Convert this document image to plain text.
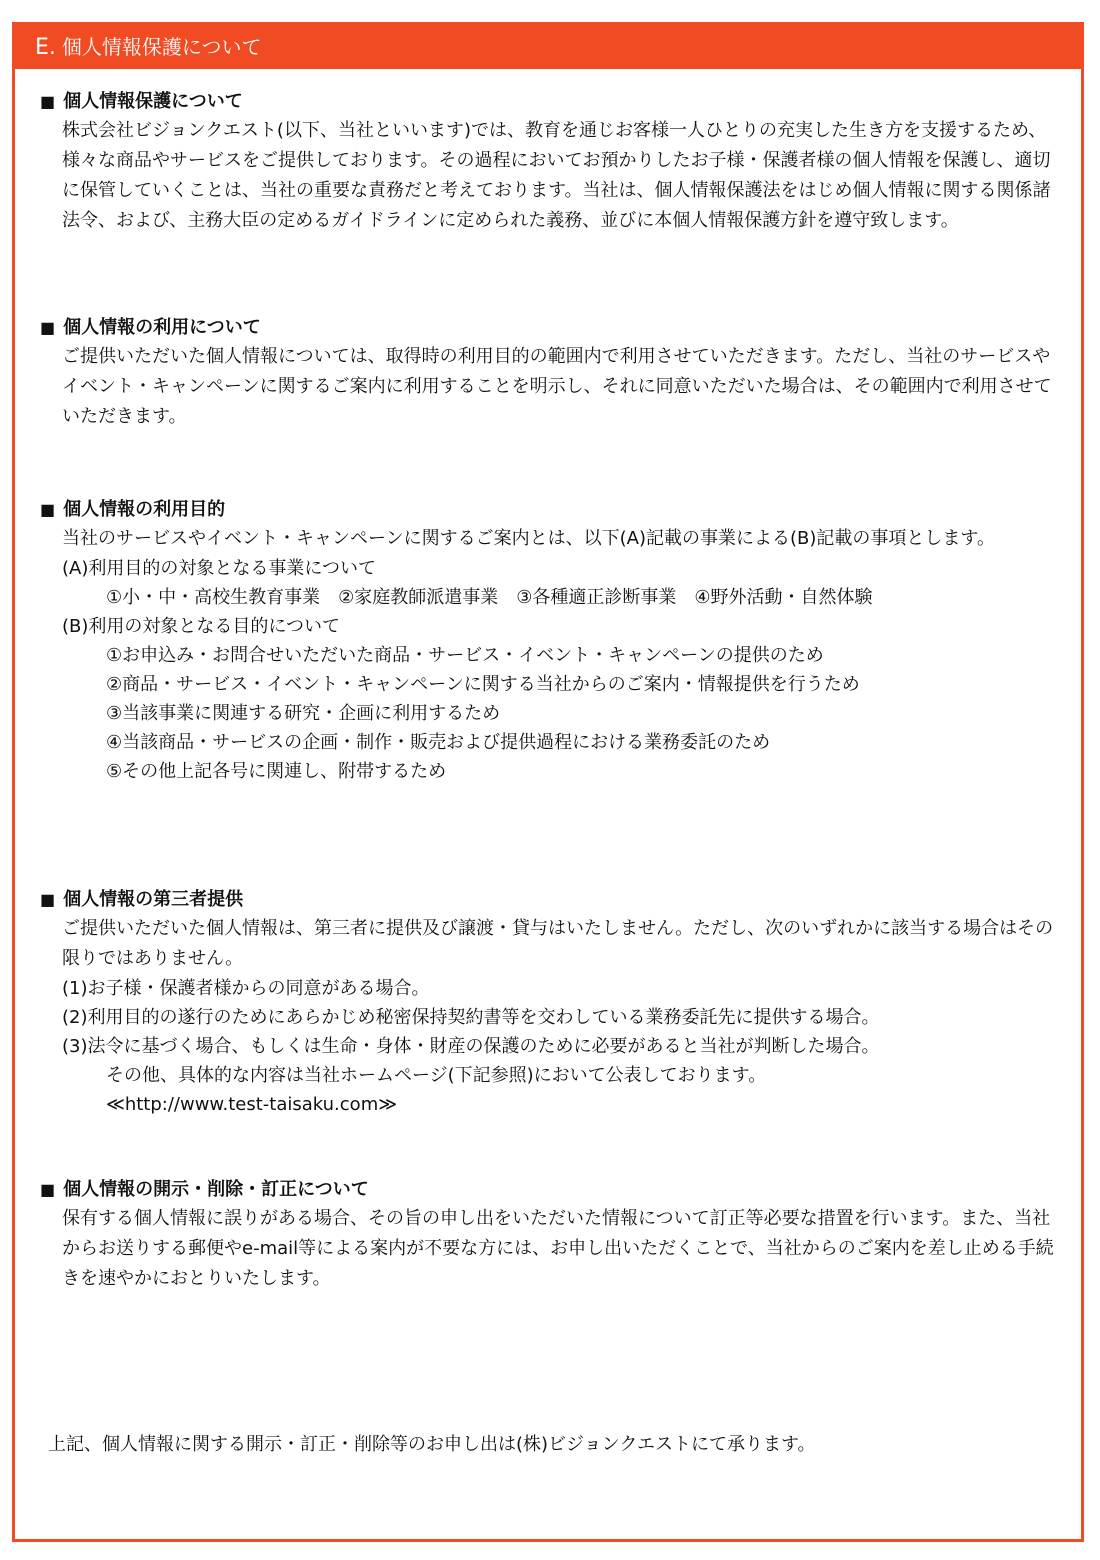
E. 個人情報保護について

■ 個人情報保護について

株式会社ビジョンクエスト(以下、当社といいます)では、教育を通じお客様一人ひとりの充実した生き方を支援するため、様々な商品やサービスをご提供しております。その過程においてお預かりしたお子様・保護者様の個人情報を保護し、適切に保管していくことは、当社の重要な責務だと考えております。当社は、個人情報保護法をはじめ個人情報に関する関係諸法令、および、主務大臣の定めるガイドラインに定められた義務、並びに本個人情報保護方針を遵守致します。

■ 個人情報の利用について

ご提供いただいた個人情報については、取得時の利用目的の範囲内で利用させていただきます。ただし、当社のサービスやイベント・キャンペーンに関するご案内に利用することを明示し、それに同意いただいた場合は、その範囲内で利用させていただきます。

■ 個人情報の利用目的

当社のサービスやイベント・キャンペーンに関するご案内とは、以下(A)記載の事業による(B)記載の事項とします。

(A)利用目的の対象となる事業について

①小・中・高校生教育事業　②家庭教師派遣事業　③各種適正診断事業　④野外活動・自然体験

(B)利用の対象となる目的について

①お申込み・お問合せいただいた商品・サービス・イベント・キャンペーンの提供のため

②商品・サービス・イベント・キャンペーンに関する当社からのご案内・情報提供を行うため

③当該事業に関連する研究・企画に利用するため

④当該商品・サービスの企画・制作・販売および提供過程における業務委託のため

⑤その他上記各号に関連し、附帯するため

■ 個人情報の第三者提供

ご提供いただいた個人情報は、第三者に提供及び譲渡・貸与はいたしません。ただし、次のいずれかに該当する場合はその限りではありません。

(1)お子様・保護者様からの同意がある場合。

(2)利用目的の遂行のためにあらかじめ秘密保持契約書等を交わしている業務委託先に提供する場合。

(3)法令に基づく場合、もしくは生命・身体・財産の保護のために必要があると当社が判断した場合。

その他、具体的な内容は当社ホームページ(下記参照)において公表しております。

≪http://www.test-taisaku.com≫

■ 個人情報の開示・削除・訂正について

保有する個人情報に誤りがある場合、その旨の申し出をいただいた情報について訂正等必要な措置を行います。また、当社からお送りする郵便やe-mail等による案内が不要な方には、お申し出いただくことで、当社からのご案内を差し止める手続きを速やかにおとりいたします。

上記、個人情報に関する開示・訂正・削除等のお申し出は(株)ビジョンクエストにて承ります。
